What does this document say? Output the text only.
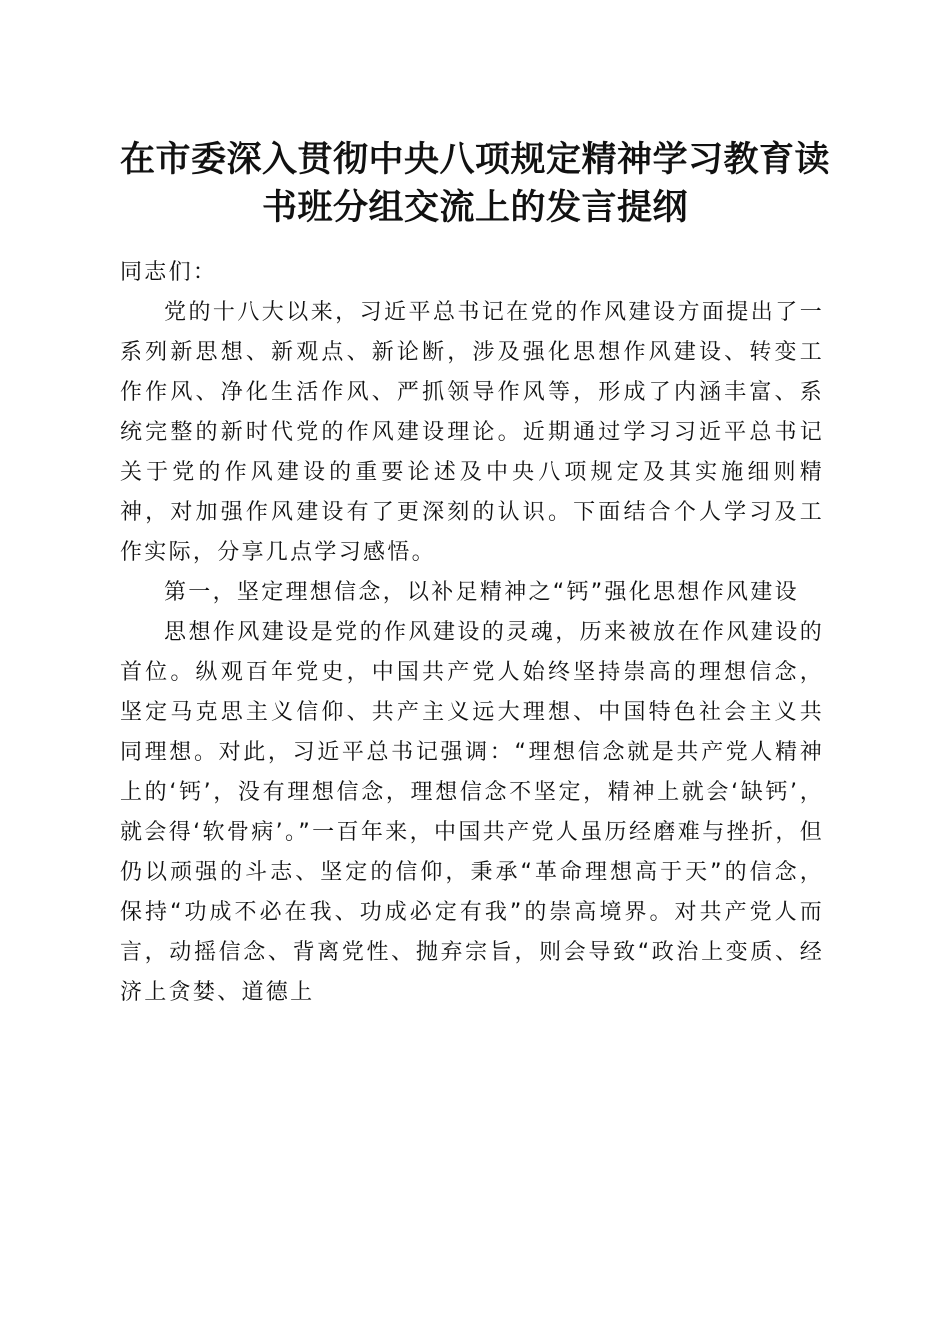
在市委深入贯彻中央八项规定精神学习教育读
书班分组交流上的发言提纲

同志们：

党的十八大以来，习近平总书记在党的作风建设方面提出了一系列新思想、新观点、新论断，涉及强化思想作风建设、转变工作作风、净化生活作风、严抓领导作风等，形成了内涵丰富、系统完整的新时代党的作风建设理论。近期通过学习习近平总书记关于党的作风建设的重要论述及中央八项规定及其实施细则精神，对加强作风建设有了更深刻的认识。下面结合个人学习及工作实际，分享几点学习感悟。

第一，坚定理想信念，以补足精神之“钙”强化思想作风建设

思想作风建设是党的作风建设的灵魂，历来被放在作风建设的首位。纵观百年党史，中国共产党人始终坚持崇高的理想信念，坚定马克思主义信仰、共产主义远大理想、中国特色社会主义共同理想。对此，习近平总书记强调：“理想信念就是共产党人精神上的‘钙’，没有理想信念，理想信念不坚定，精神上就会‘缺钙’，就会得‘软骨病’。”一百年来，中国共产党人虽历经磨难与挫折，但仍以顽强的斗志、坚定的信仰，秉承“革命理想高于天”的信念，保持“功成不必在我、功成必定有我”的崇高境界。对共产党人而言，动摇信念、背离党性、抛弃宗旨，则会导致“政治上变质、经济上贪婪、道德上
